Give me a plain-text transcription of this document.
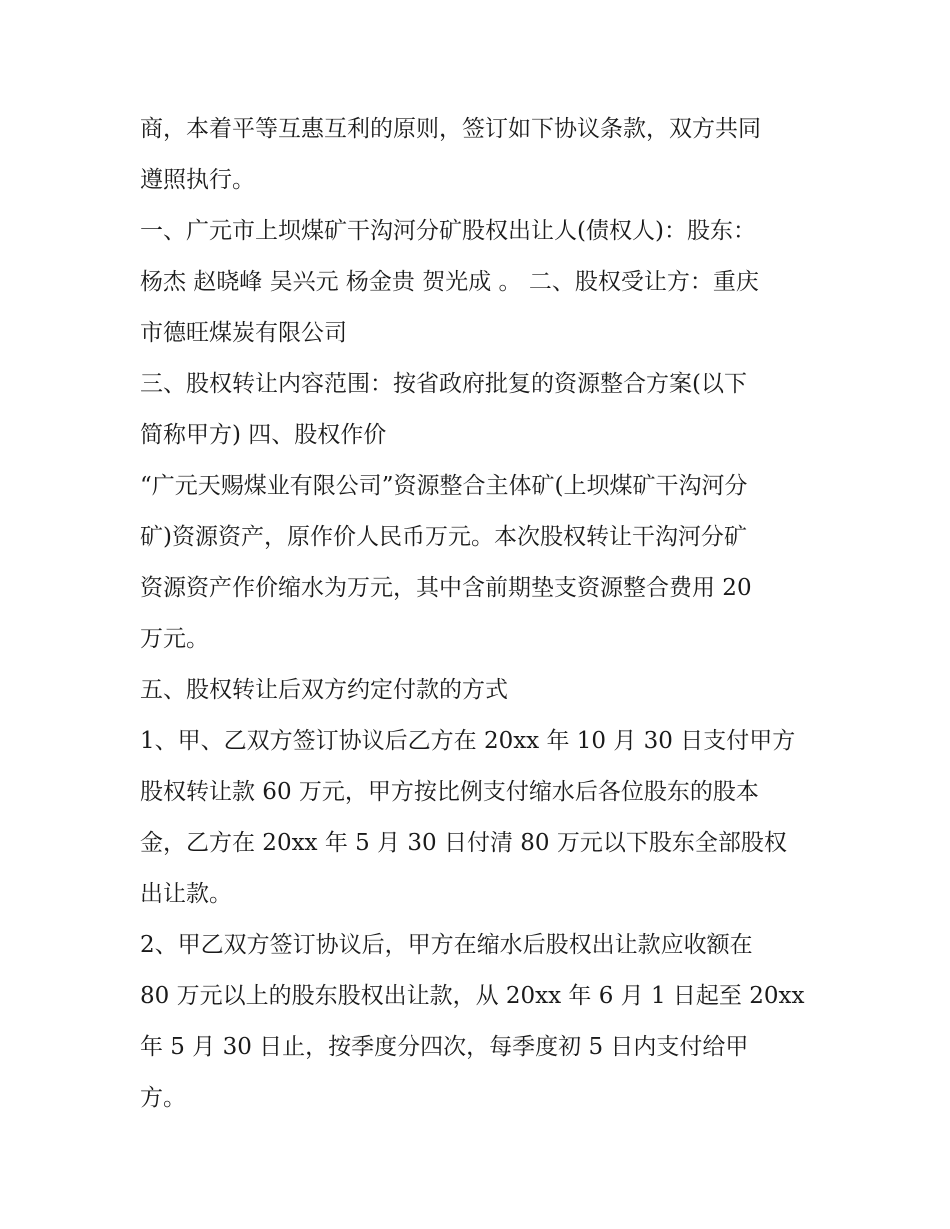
商，本着平等互惠互利的原则，签订如下协议条款，双方共同
遵照执行。
一、广元市上坝煤矿干沟河分矿股权出让人(债权人)：股东：
杨杰 赵晓峰 吴兴元 杨金贵 贺光成 。 二、股权受让方：重庆
市德旺煤炭有限公司
三、股权转让内容范围：按省政府批复的资源整合方案(以下
简称甲方) 四、股权作价
“广元天赐煤业有限公司”资源整合主体矿(上坝煤矿干沟河分
矿)资源资产，原作价人民币万元。本次股权转让干沟河分矿
资源资产作价缩水为万元，其中含前期垫支资源整合费用 20
万元。
五、股权转让后双方约定付款的方式
1、甲、乙双方签订协议后乙方在 20xx 年 10 月 30 日支付甲方
股权转让款 60 万元，甲方按比例支付缩水后各位股东的股本
金，乙方在 20xx 年 5 月 30 日付清 80 万元以下股东全部股权
出让款。
2、甲乙双方签订协议后，甲方在缩水后股权出让款应收额在
80 万元以上的股东股权出让款，从 20xx 年 6 月 1 日起至 20xx
年 5 月 30 日止，按季度分四次，每季度初 5 日内支付给甲
方。
